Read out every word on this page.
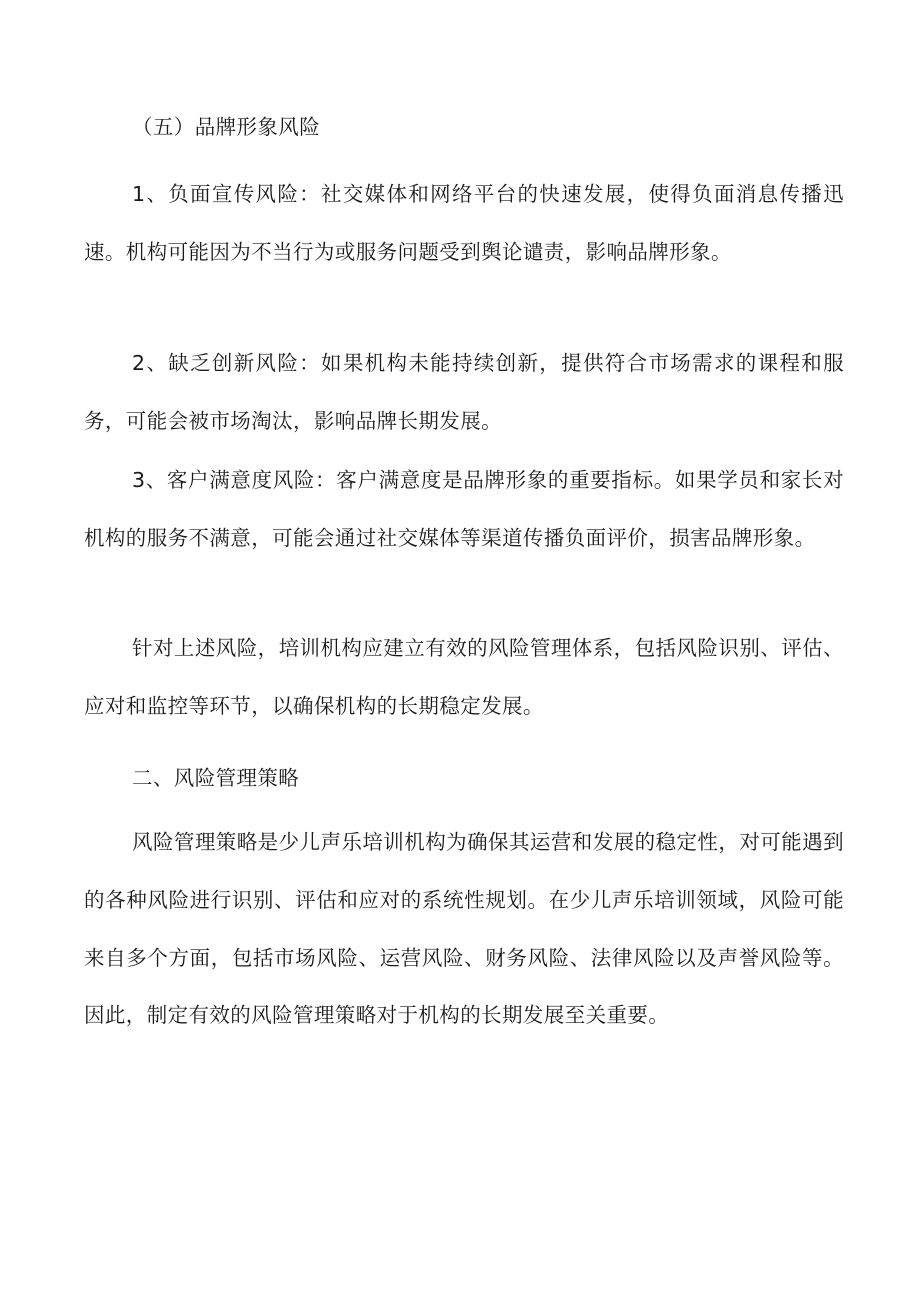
（五）品牌形象风险

1、负面宣传风险：社交媒体和网络平台的快速发展，使得负面消息传播迅速。机构可能因为不当行为或服务问题受到舆论谴责，影响品牌形象。

2、缺乏创新风险：如果机构未能持续创新，提供符合市场需求的课程和服务，可能会被市场淘汰，影响品牌长期发展。

3、客户满意度风险：客户满意度是品牌形象的重要指标。如果学员和家长对机构的服务不满意，可能会通过社交媒体等渠道传播负面评价，损害品牌形象。

针对上述风险，培训机构应建立有效的风险管理体系，包括风险识别、评估、应对和监控等环节，以确保机构的长期稳定发展。

二、风险管理策略

风险管理策略是少儿声乐培训机构为确保其运营和发展的稳定性，对可能遇到的各种风险进行识别、评估和应对的系统性规划。在少儿声乐培训领域，风险可能来自多个方面，包括市场风险、运营风险、财务风险、法律风险以及声誉风险等。因此，制定有效的风险管理策略对于机构的长期发展至关重要。
